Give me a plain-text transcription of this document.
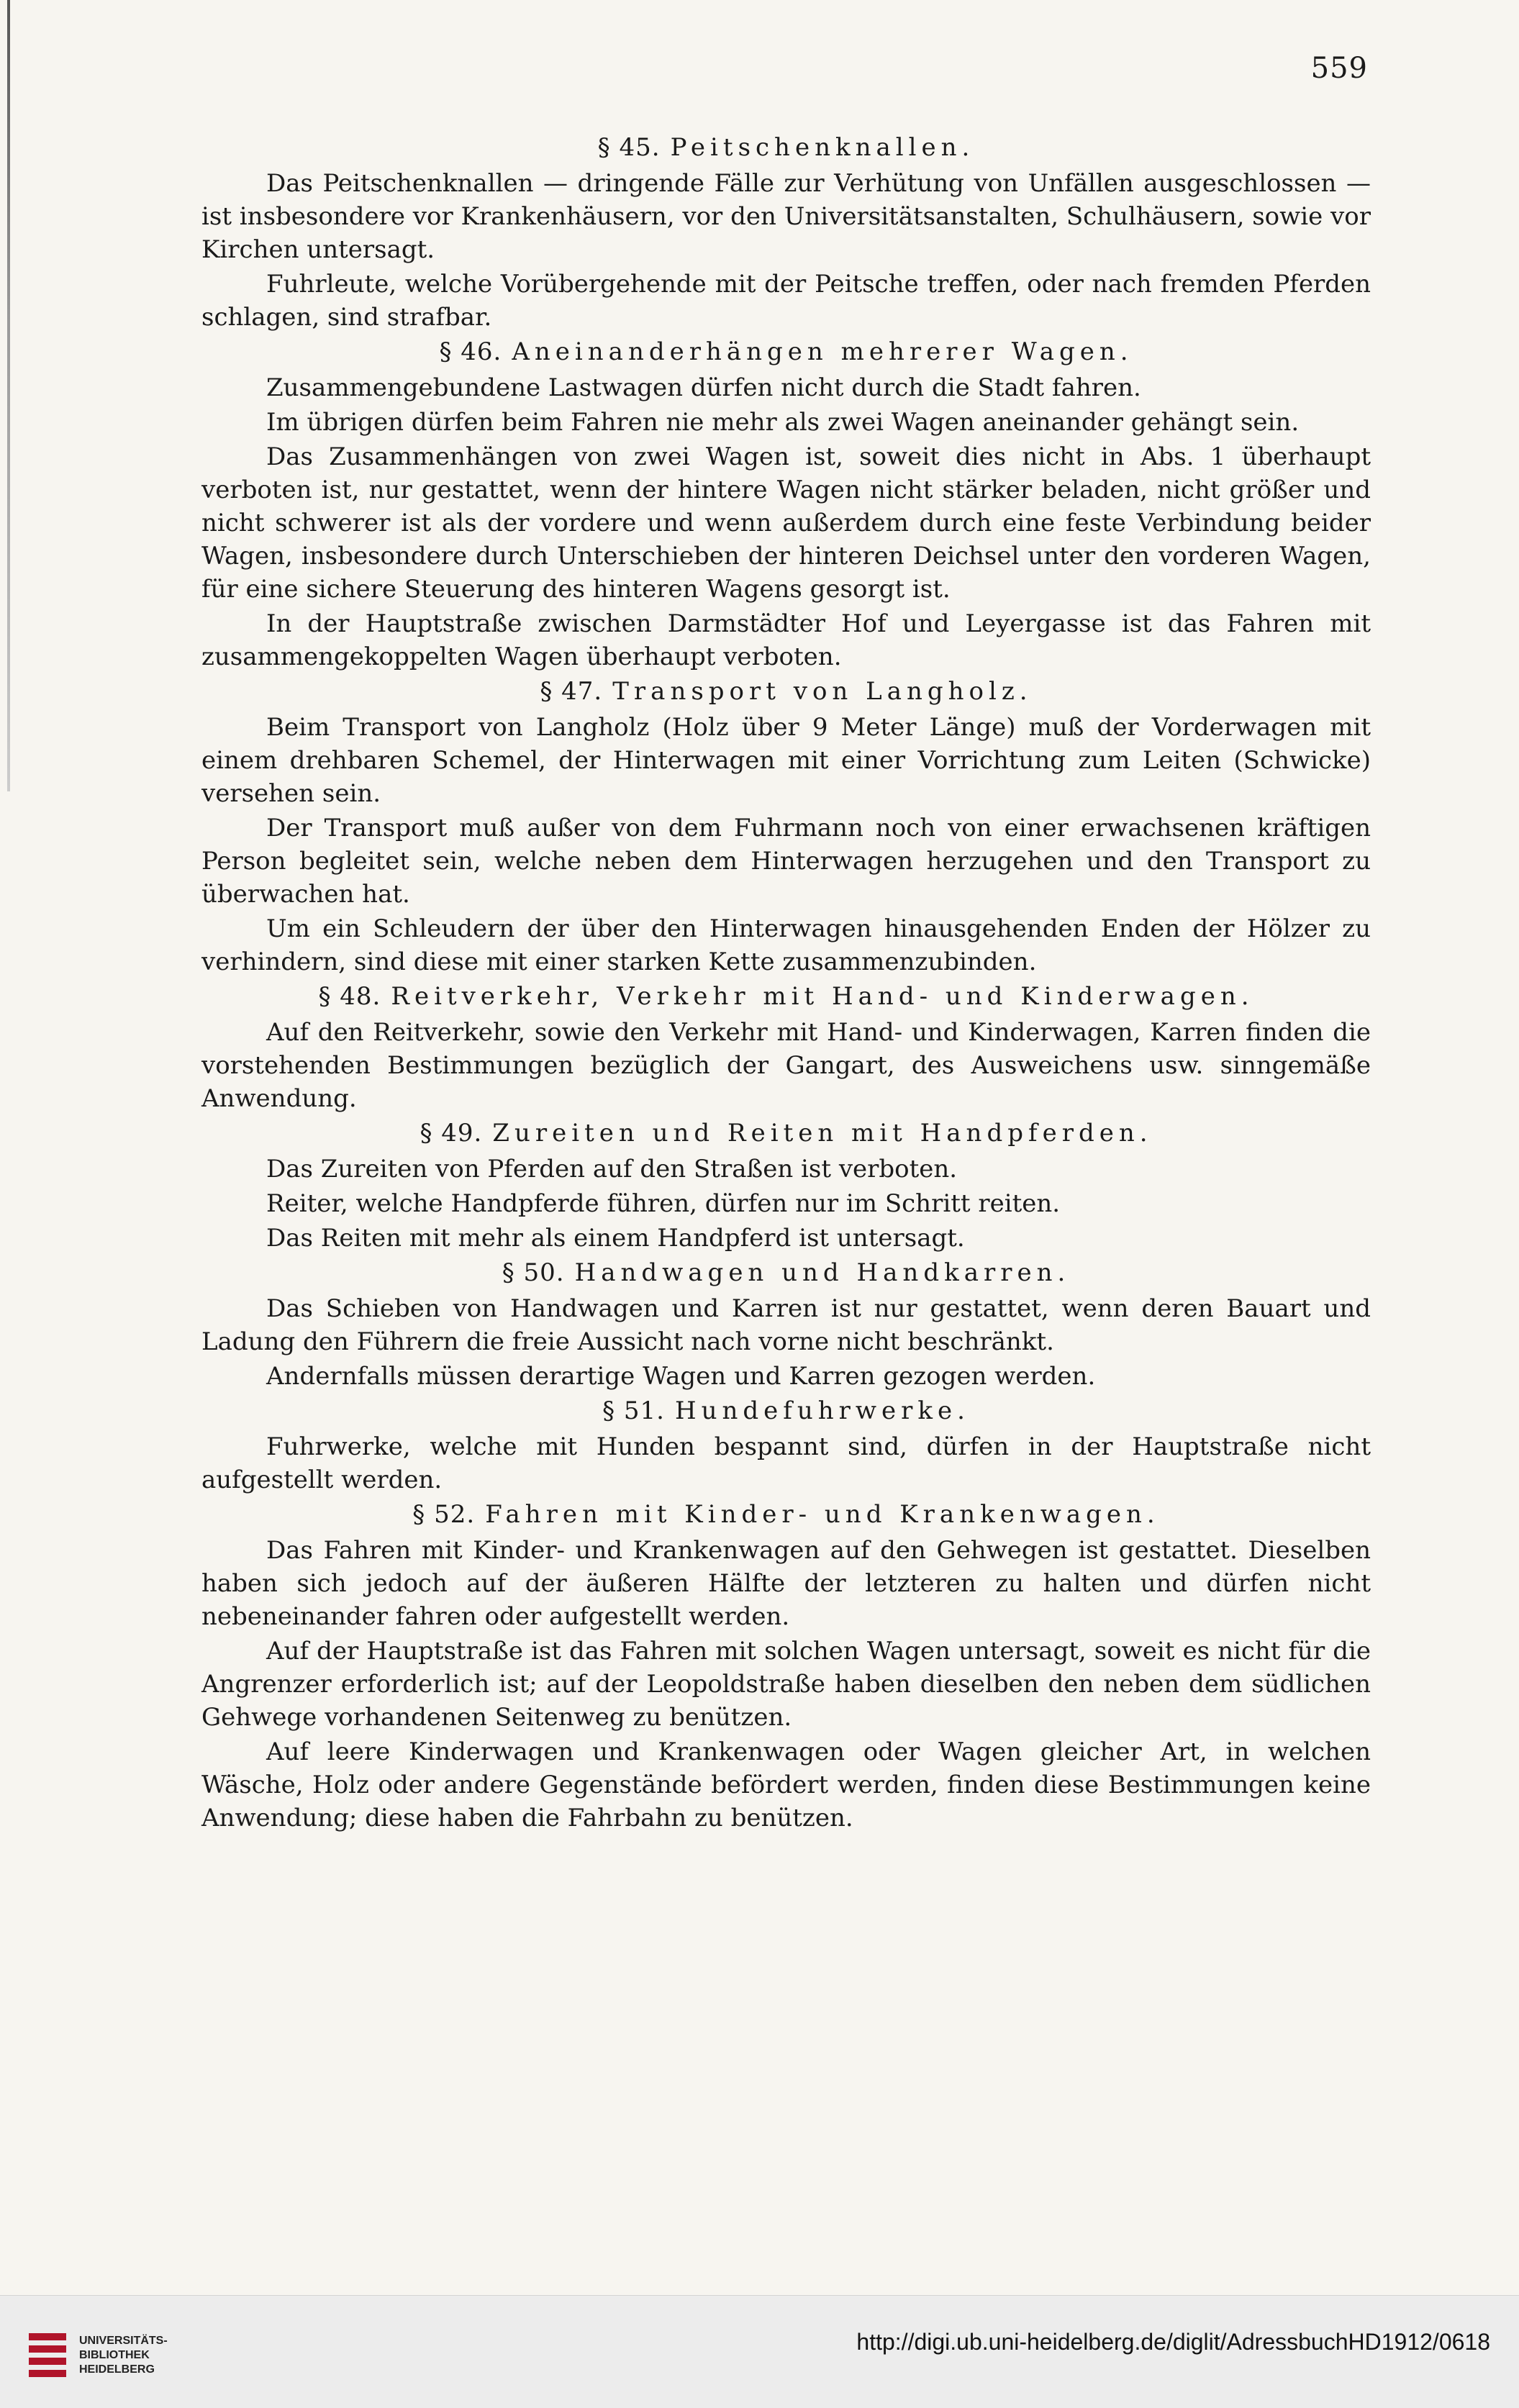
559
§ 45. Peitschenknallen.

Das Peitschenknallen — dringende Fälle zur Verhütung von Unfällen ausgeschlossen — ist insbesondere vor Krankenhäusern, vor den Universitätsanstalten, Schulhäusern, sowie vor Kirchen untersagt.

Fuhrleute, welche Vorübergehende mit der Peitsche treffen, oder nach fremden Pferden schlagen, sind strafbar.

§ 46. Aneinanderhängen mehrerer Wagen.

Zusammengebundene Lastwagen dürfen nicht durch die Stadt fahren.

Im übrigen dürfen beim Fahren nie mehr als zwei Wagen aneinander gehängt sein.

Das Zusammenhängen von zwei Wagen ist, soweit dies nicht in Abs. 1 überhaupt verboten ist, nur gestattet, wenn der hintere Wagen nicht stärker beladen, nicht größer und nicht schwerer ist als der vordere und wenn außerdem durch eine feste Verbindung beider Wagen, insbesondere durch Unterschieben der hinteren Deichsel unter den vorderen Wagen, für eine sichere Steuerung des hinteren Wagens gesorgt ist.

In der Hauptstraße zwischen Darmstädter Hof und Leyergasse ist das Fahren mit zusammengekoppelten Wagen überhaupt verboten.

§ 47. Transport von Langholz.

Beim Transport von Langholz (Holz über 9 Meter Länge) muß der Vorderwagen mit einem drehbaren Schemel, der Hinterwagen mit einer Vorrichtung zum Leiten (Schwicke) versehen sein.

Der Transport muß außer von dem Fuhrmann noch von einer erwachsenen kräftigen Person begleitet sein, welche neben dem Hinterwagen herzugehen und den Transport zu überwachen hat.

Um ein Schleudern der über den Hinterwagen hinausgehenden Enden der Hölzer zu verhindern, sind diese mit einer starken Kette zusammenzubinden.

§ 48. Reitverkehr, Verkehr mit Hand- und Kinderwagen.

Auf den Reitverkehr, sowie den Verkehr mit Hand- und Kinderwagen, Karren finden die vorstehenden Bestimmungen bezüglich der Gangart, des Ausweichens usw. sinngemäße Anwendung.

§ 49. Zureiten und Reiten mit Handpferden.

Das Zureiten von Pferden auf den Straßen ist verboten.

Reiter, welche Handpferde führen, dürfen nur im Schritt reiten.

Das Reiten mit mehr als einem Handpferd ist untersagt.

§ 50. Handwagen und Handkarren.

Das Schieben von Handwagen und Karren ist nur gestattet, wenn deren Bauart und Ladung den Führern die freie Aussicht nach vorne nicht beschränkt.

Andernfalls müssen derartige Wagen und Karren gezogen werden.

§ 51. Hundefuhrwerke.

Fuhrwerke, welche mit Hunden bespannt sind, dürfen in der Hauptstraße nicht aufgestellt werden.

§ 52. Fahren mit Kinder- und Krankenwagen.

Das Fahren mit Kinder- und Krankenwagen auf den Gehwegen ist gestattet. Dieselben haben sich jedoch auf der äußeren Hälfte der letzteren zu halten und dürfen nicht nebeneinander fahren oder aufgestellt werden.

Auf der Hauptstraße ist das Fahren mit solchen Wagen untersagt, soweit es nicht für die Angrenzer erforderlich ist; auf der Leopoldstraße haben dieselben den neben dem südlichen Gehwege vorhandenen Seitenweg zu benützen.

Auf leere Kinderwagen und Krankenwagen oder Wagen gleicher Art, in welchen Wäsche, Holz oder andere Gegenstände befördert werden, finden diese Bestimmungen keine Anwendung; diese haben die Fahrbahn zu benützen.

UNIVERSITÄTS-
BIBLIOTHEK
HEIDELBERG
http://digi.ub.uni-heidelberg.de/diglit/AdressbuchHD1912/0618
